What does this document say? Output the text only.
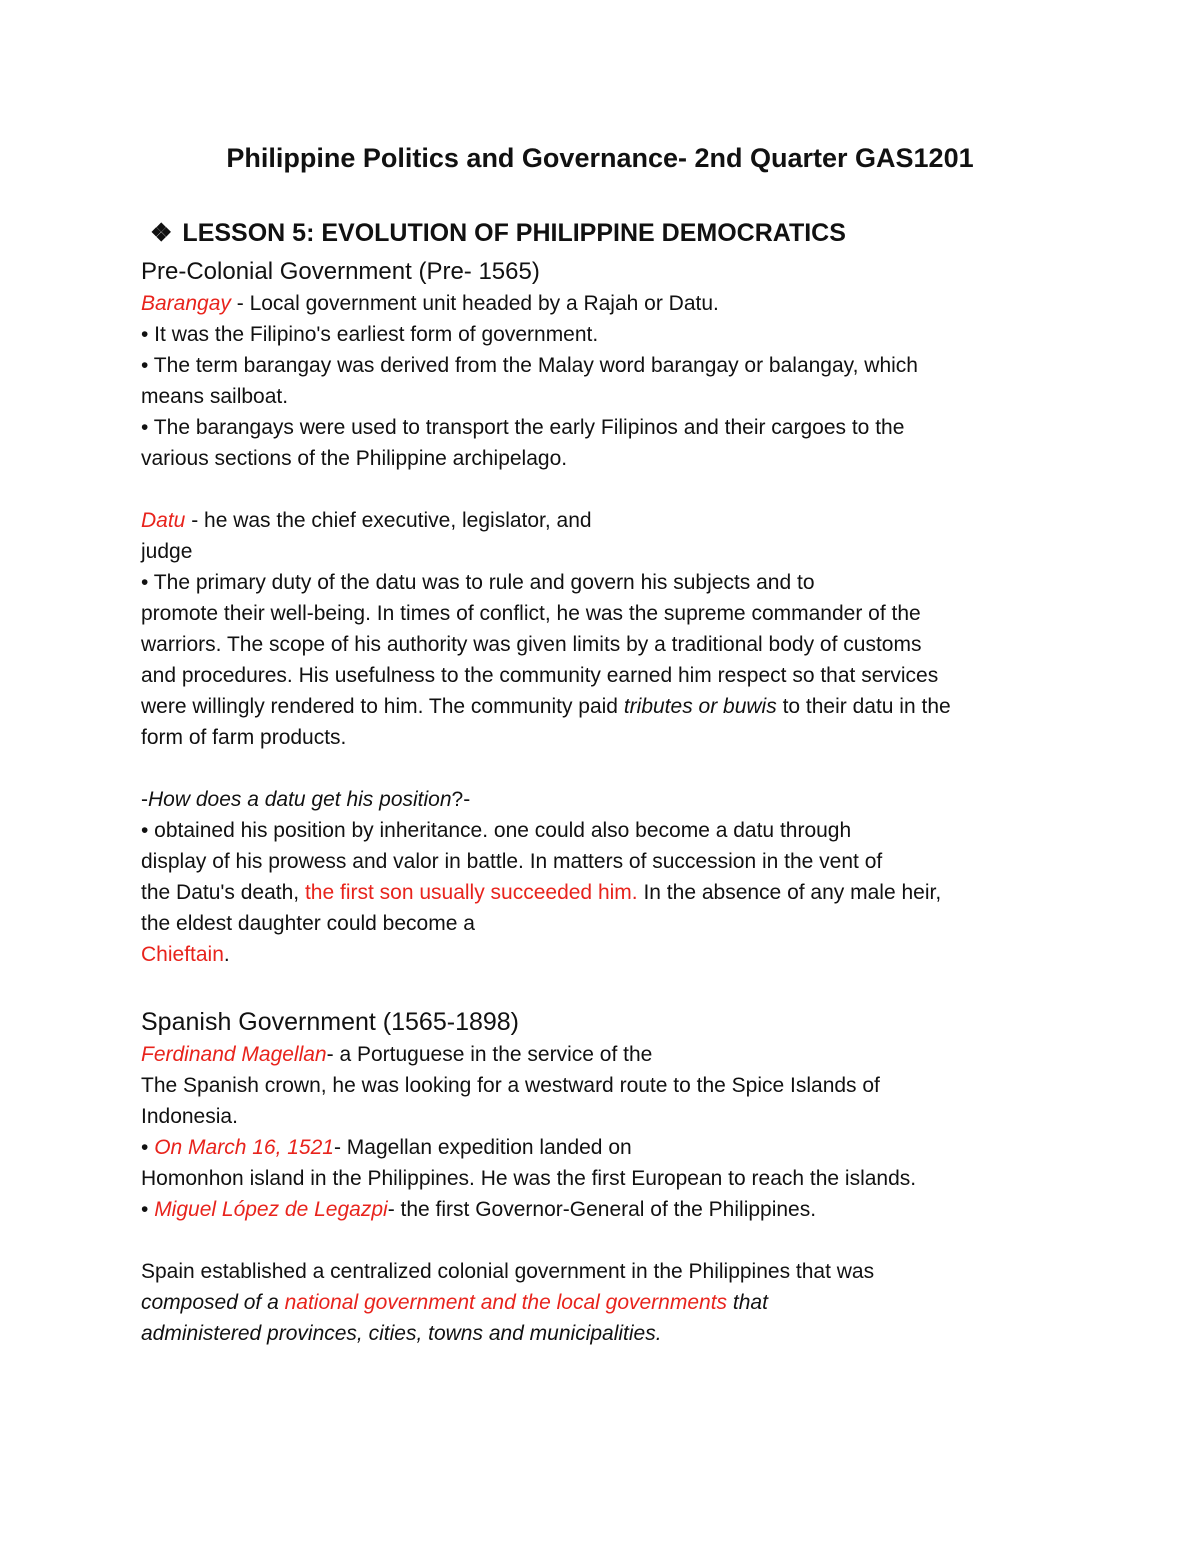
Philippine Politics and Governance- 2nd Quarter GAS1201
❖ LESSON 5: EVOLUTION OF PHILIPPINE DEMOCRATICS

Pre-Colonial Government (Pre- 1565)

Barangay - Local government unit headed by a Rajah or Datu.

• It was the Filipino's earliest form of government.

• The term barangay was derived from the Malay word barangay or balangay, which

means sailboat.

• The barangays were used to transport the early Filipinos and their cargoes to the

various sections of the Philippine archipelago.

Datu - he was the chief executive, legislator, and

judge

• The primary duty of the datu was to rule and govern his subjects and to

promote their well-being. In times of conflict, he was the supreme commander of the

warriors. The scope of his authority was given limits by a traditional body of customs

and procedures. His usefulness to the community earned him respect so that services

were willingly rendered to him. The community paid tributes or buwis to their datu in the

form of farm products.

-How does a datu get his position?-

• obtained his position by inheritance. one could also become a datu through

display of his prowess and valor in battle. In matters of succession in the vent of

the Datu's death, the first son usually succeeded him. In the absence of any male heir,

the eldest daughter could become a

Chieftain.

Spanish Government (1565-1898)

Ferdinand Magellan- a Portuguese in the service of the

The Spanish crown, he was looking for a westward route to the Spice Islands of

Indonesia.

• On March 16, 1521- Magellan expedition landed on

Homonhon island in the Philippines. He was the first European to reach the islands.

• Miguel López de Legazpi- the first Governor-General of the Philippines.

Spain established a centralized colonial government in the Philippines that was

composed of a national government and the local governments that

administered provinces, cities, towns and municipalities.
